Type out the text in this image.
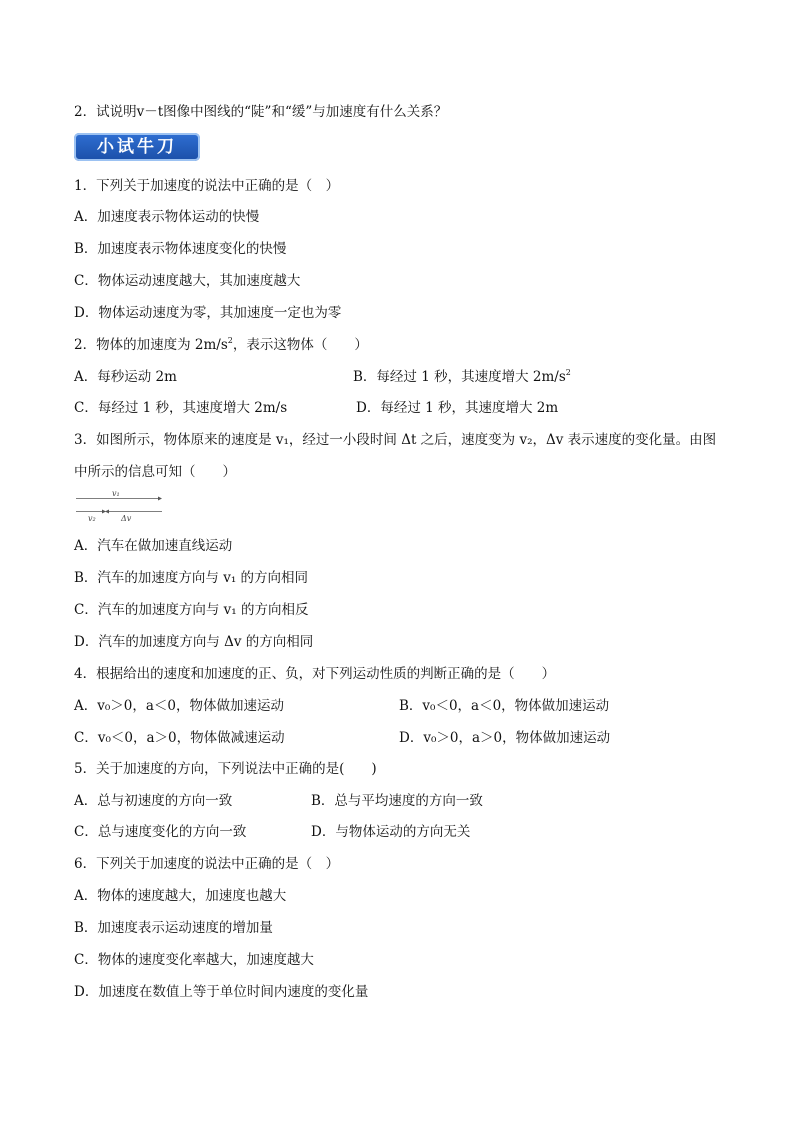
2．试说明v－t图像中图线的“陡”和“缓”与加速度有什么关系？
小试牛刀
1．下列关于加速度的说法中正确的是（　）
A．加速度表示物体运动的快慢
B．加速度表示物体速度变化的快慢
C．物体运动速度越大，其加速度越大
D．物体运动速度为零，其加速度一定也为零
2．物体的加速度为 $2m/s^2$，表示这物体（　　）
A．每秒运动 2m	B．每经过 1 秒，其速度增大 $2m/s^2$
C．每经过 1 秒，其速度增大 2m/s	D．每经过 1 秒，其速度增大 2m
3．如图所示，物体原来的速度是 v₁，经过一小段时间 Δt 之后，速度变为 v₂，Δv 表示速度的变化量。由图
中所示的信息可知（　　）
v₁
v₂	Δv
A．汽车在做加速直线运动
B．汽车的加速度方向与 v₁ 的方向相同
C．汽车的加速度方向与 v₁ 的方向相反
D．汽车的加速度方向与 Δv 的方向相同
4．根据给出的速度和加速度的正、负，对下列运动性质的判断正确的是（　　）
A．v₀＞0，a＜0，物体做加速运动	B．v₀＜0，a＜0，物体做加速运动
C．v₀＜0，a＞0，物体做减速运动	D．v₀＞0，a＞0，物体做加速运动
5．关于加速度的方向，下列说法中正确的是(　　)
A．总与初速度的方向一致	B．总与平均速度的方向一致
C．总与速度变化的方向一致	D．与物体运动的方向无关
6．下列关于加速度的说法中正确的是（　）
A．物体的速度越大，加速度也越大
B．加速度表示运动速度的增加量
C．物体的速度变化率越大，加速度越大
D．加速度在数值上等于单位时间内速度的变化量
